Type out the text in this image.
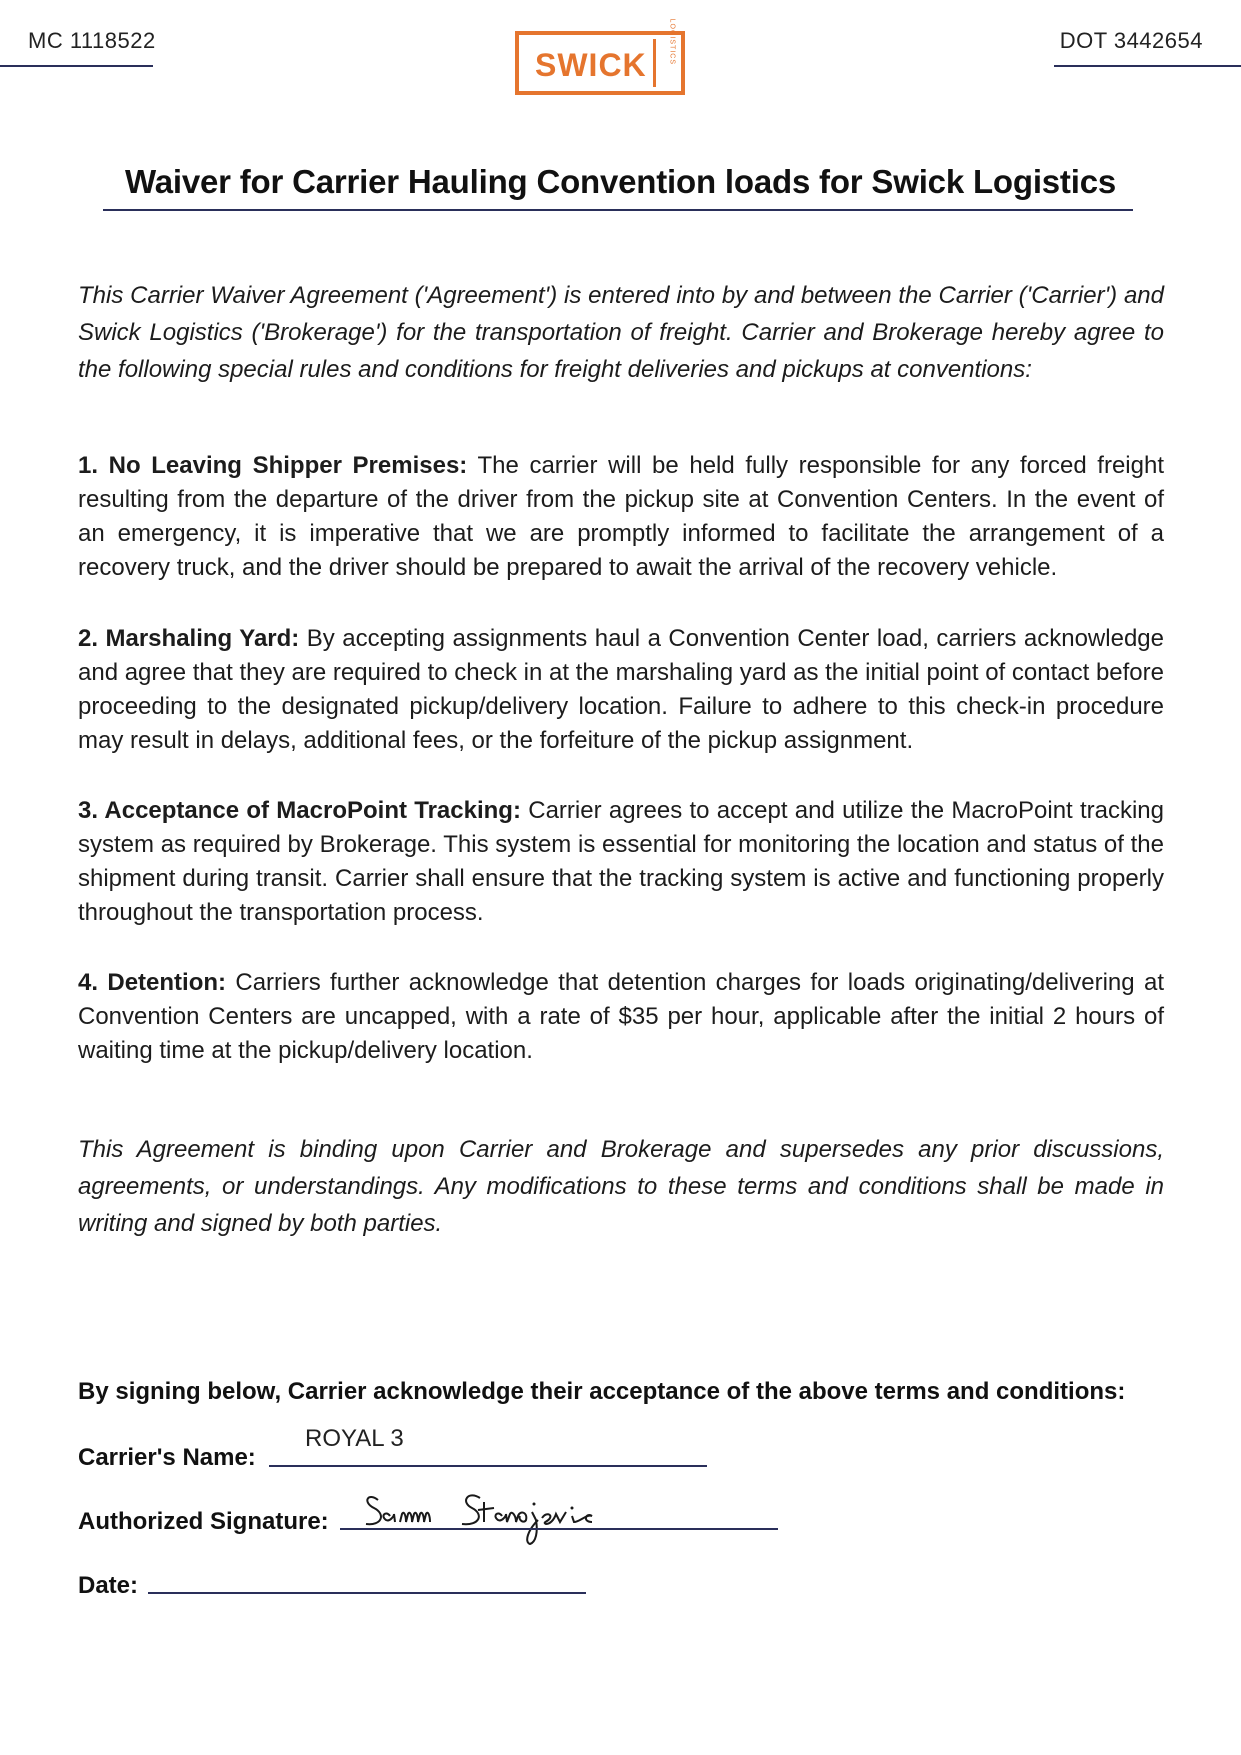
MC 1118522
SWICK	LOGISTICS	DOT 3442654
Waiver for Carrier Hauling Convention loads for Swick Logistics
This Carrier Waiver Agreement ('Agreement') is entered into by and between the Carrier ('Carrier') and Swick Logistics ('Brokerage') for the transportation of freight. Carrier and Brokerage hereby agree to the following special rules and conditions for freight deliveries and pickups at conventions:
1. No Leaving Shipper Premises: The carrier will be held fully responsible for any forced freight resulting from the departure of the driver from the pickup site at Convention Centers. In the event of an emergency, it is imperative that we are promptly informed to facilitate the arrangement of a recovery truck, and the driver should be prepared to await the arrival of the recovery vehicle.
2. Marshaling Yard: By accepting assignments haul a Convention Center load, carriers acknowledge and agree that they are required to check in at the marshaling yard as the initial point of contact before proceeding to the designated pickup/delivery location. Failure to adhere to this check-in procedure may result in delays, additional fees, or the forfeiture of the pickup assignment.
3. Acceptance of MacroPoint Tracking: Carrier agrees to accept and utilize the MacroPoint tracking system as required by Brokerage. This system is essential for monitoring the location and status of the shipment during transit. Carrier shall ensure that the tracking system is active and functioning properly throughout the transportation process.
4. Detention: Carriers further acknowledge that detention charges for loads originating/delivering at Convention Centers are uncapped, with a rate of $35 per hour, applicable after the initial 2 hours of waiting time at the pickup/delivery location.
This Agreement is binding upon Carrier and Brokerage and supersedes any prior discussions, agreements, or understandings. Any modifications to these terms and conditions shall be made in writing and signed by both parties.
By signing below, Carrier acknowledge their acceptance of the above terms and conditions:
Carrier's Name:
ROYAL 3
Authorized Signature:
Date:
